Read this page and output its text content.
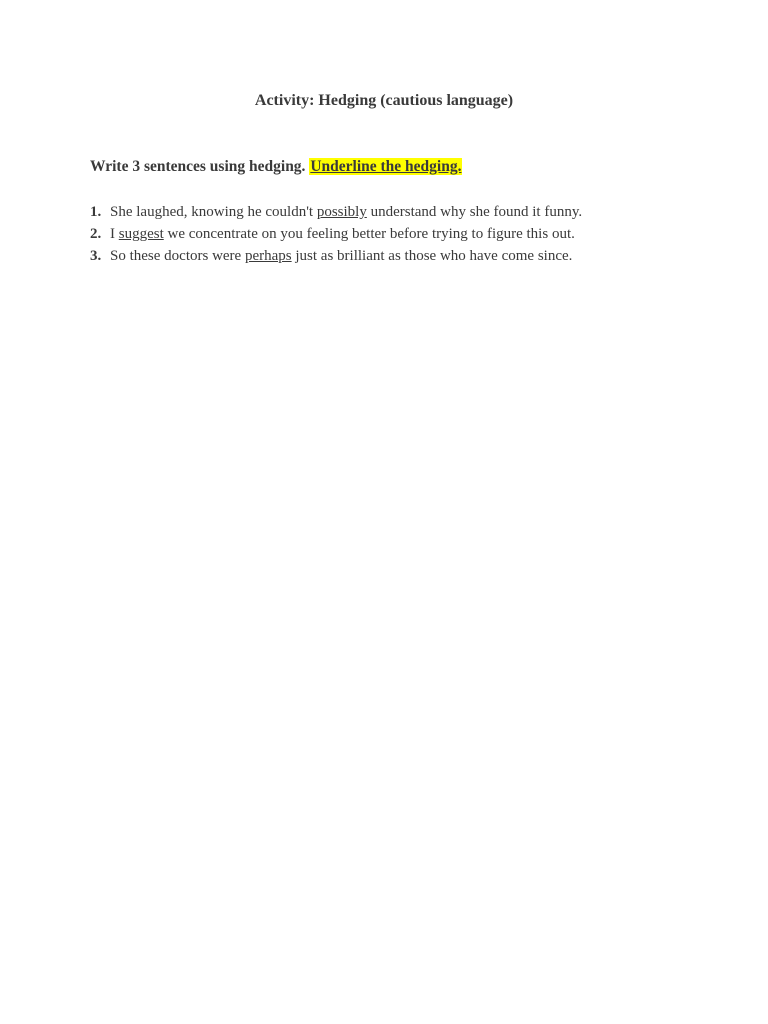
Activity: Hedging (cautious language)
Write 3 sentences using hedging. Underline the hedging.
1. She laughed, knowing he couldn't possibly understand why she found it funny.
2. I suggest we concentrate on you feeling better before trying to figure this out.
3. So these doctors were perhaps just as brilliant as those who have come since.
